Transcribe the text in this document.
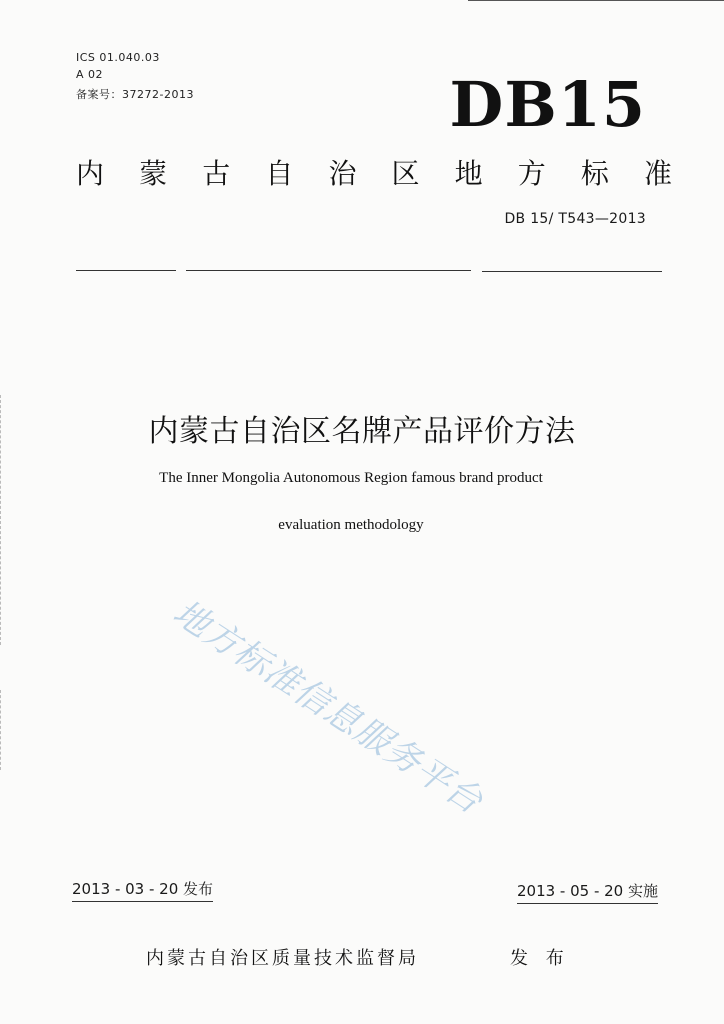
ICS 01.040.03
A 02
备案号：37272-2013	DB15
内 蒙 古 自 治 区 地 方 标 准
DB 15/ T543—2013
内蒙古自治区名牌产品评价方法
The Inner Mongolia Autonomous Region famous brand product
evaluation methodology
地方标准信息服务平台
2013 - 03 - 20 发布	2013 - 05 - 20 实施
内蒙古自治区质量技术监督局	发 布
